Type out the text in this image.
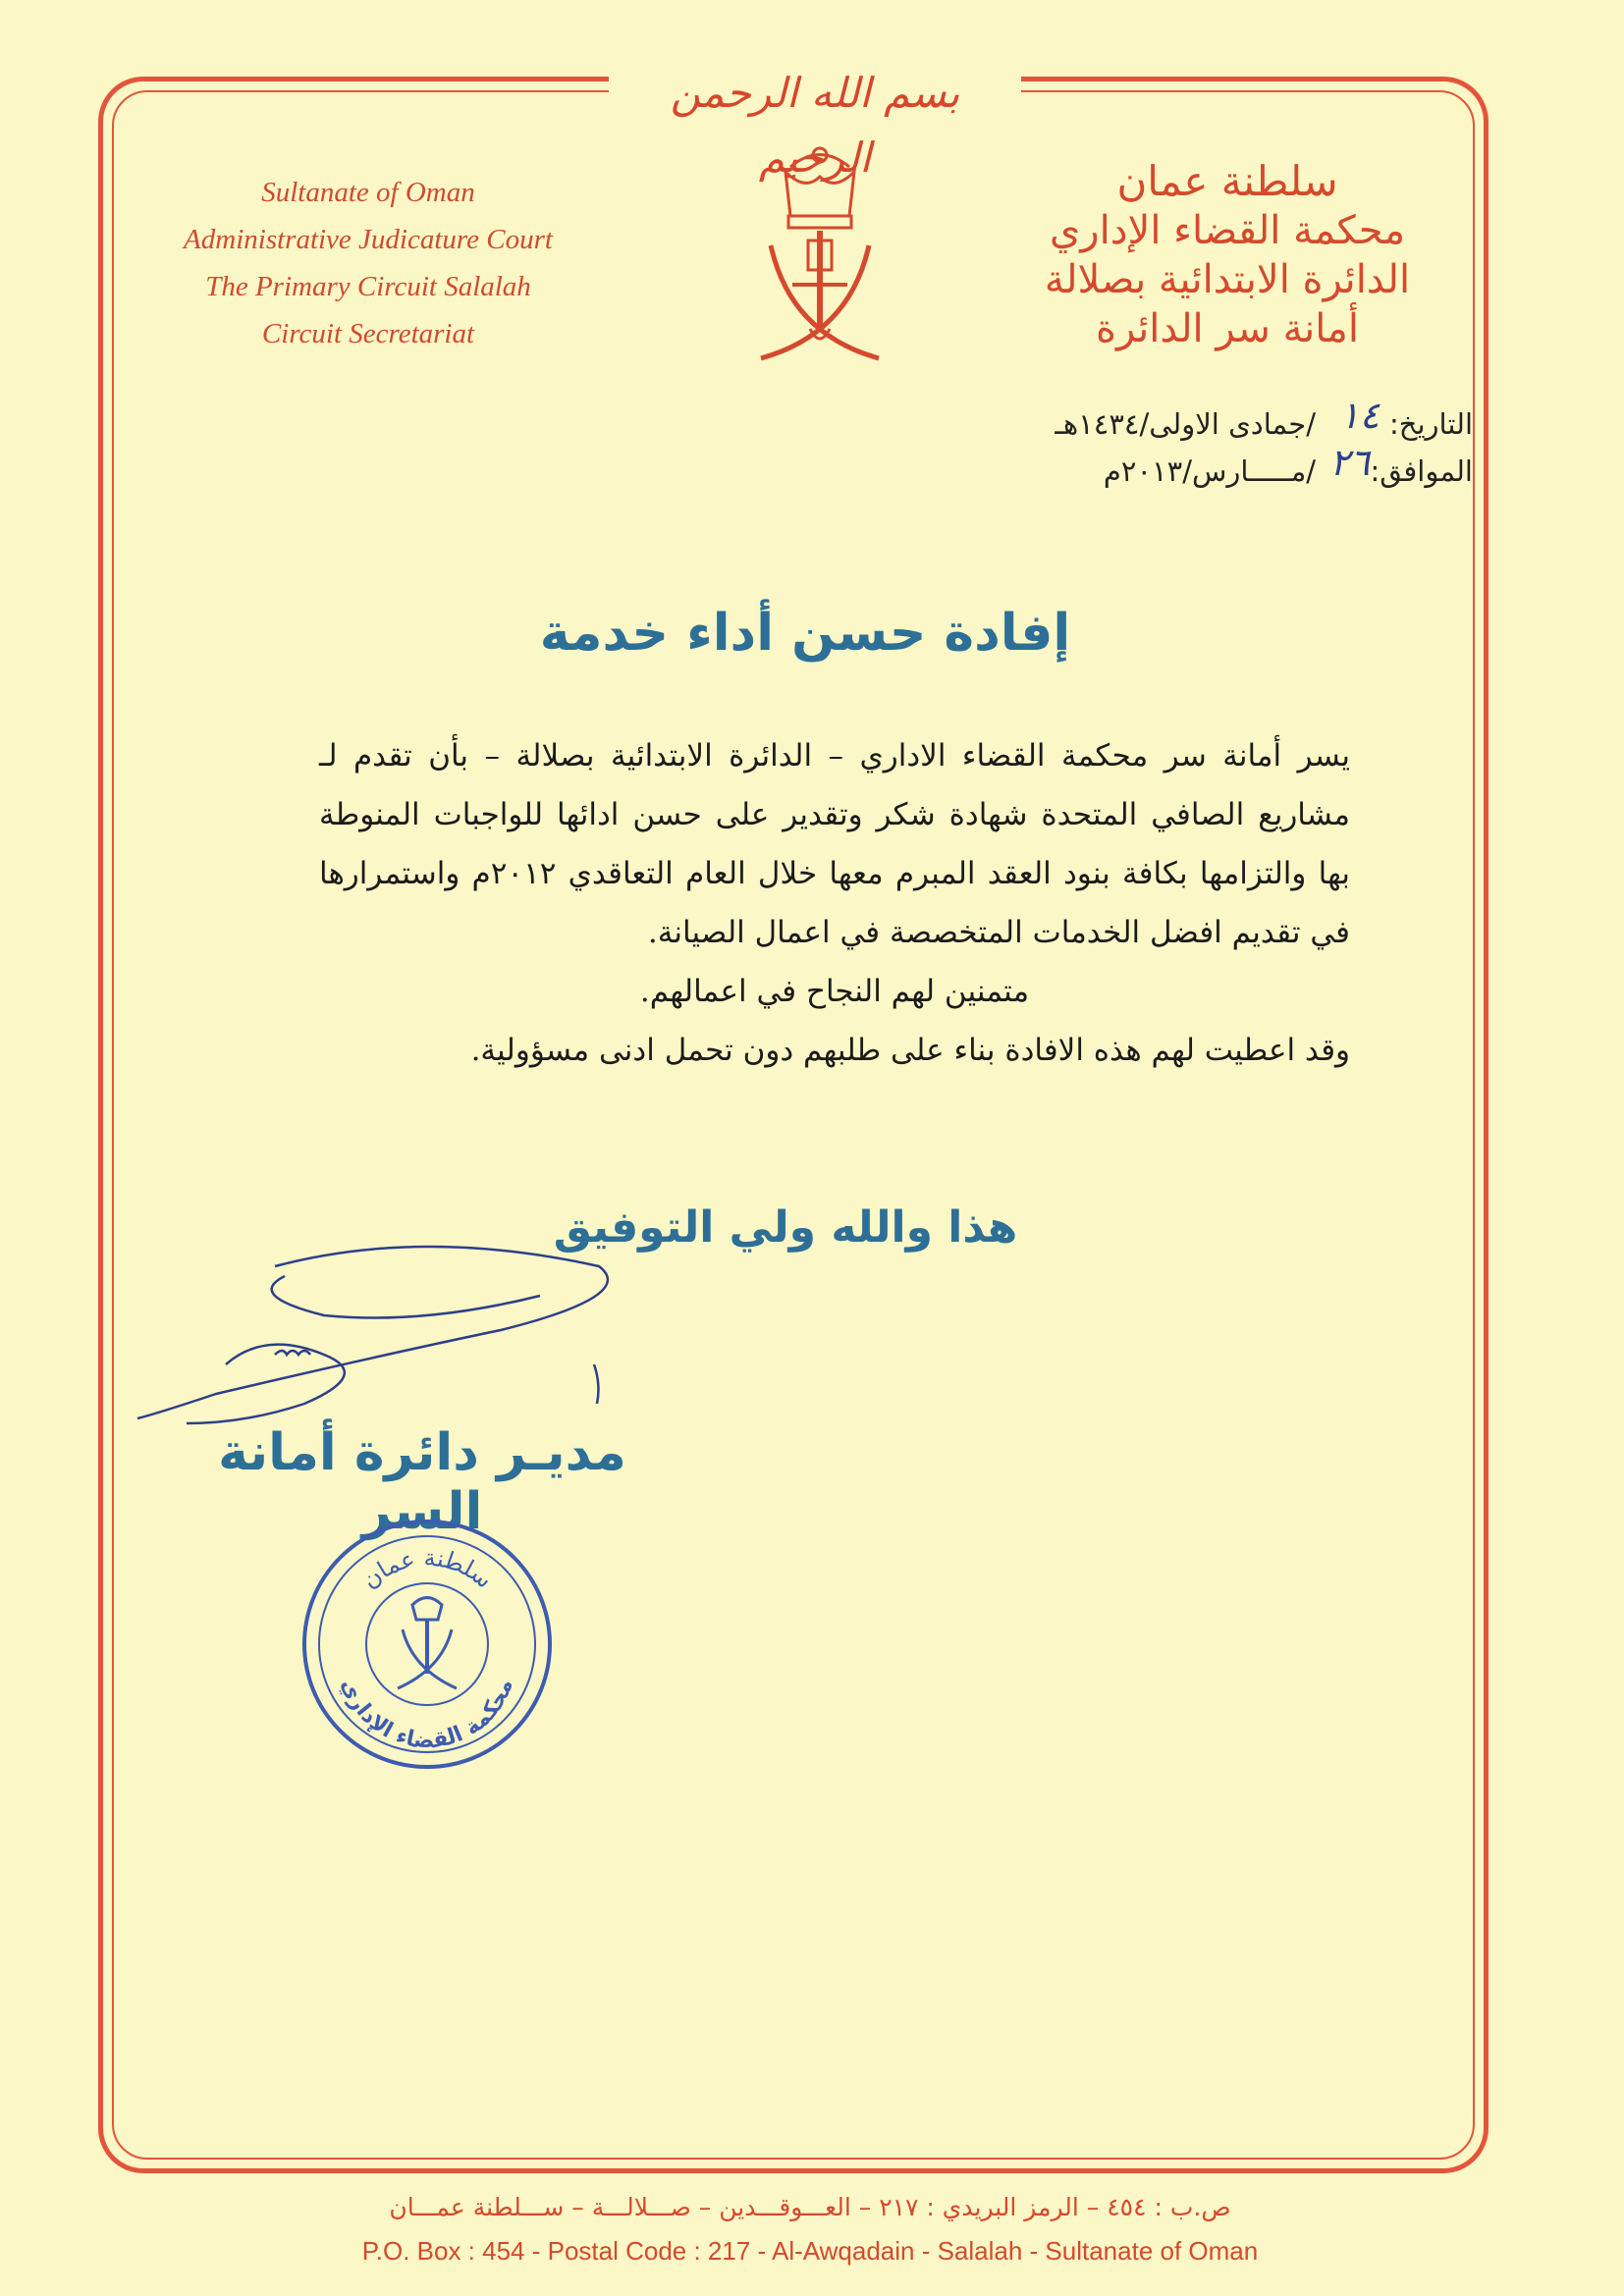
بسم الله الرحمن الرحيم
Sultanate of Oman
Administrative Judicature Court
The Primary Circuit Salalah
Circuit Secretariat
سلطنة عمان
محكمة القضاء الإداري
الدائرة الابتدائية بصلالة
أمانة سر الدائرة
التاريخ:
١٤
/جمادى الاولى/١٤٣٤هـ
الموافق:
٢٦
/مـــــارس/٢٠١٣م
إفادة حسن أداء خدمة
يسر أمانة سر محكمة القضاء الاداري – الدائرة الابتدائية بصلالة – بأن تقدم لـ مشاريع الصافي المتحدة شهادة شكر وتقدير على حسن ادائها للواجبات المنوطة بها والتزامها بكافة بنود العقد المبرم معها خلال العام التعاقدي ٢٠١٢م واستمرارها في تقديم افضل الخدمات المتخصصة في اعمال الصيانة.
متمنين لهم النجاح في اعمالهم.
وقد اعطيت لهم هذه الافادة بناء على طلبهم دون تحمل ادنى مسؤولية.
هذا والله ولي التوفيق
مديـر دائرة أمانة السر
سلطنة عمان
محكمة القضاء الإداري
ص.ب : ٤٥٤ – الرمز البريدي : ٢١٧ – العـــوقـــدين – صـــلالـــة – ســـلطنة عمـــان
P.O. Box : 454 - Postal Code : 217 - Al-Awqadain - Salalah - Sultanate of Oman
